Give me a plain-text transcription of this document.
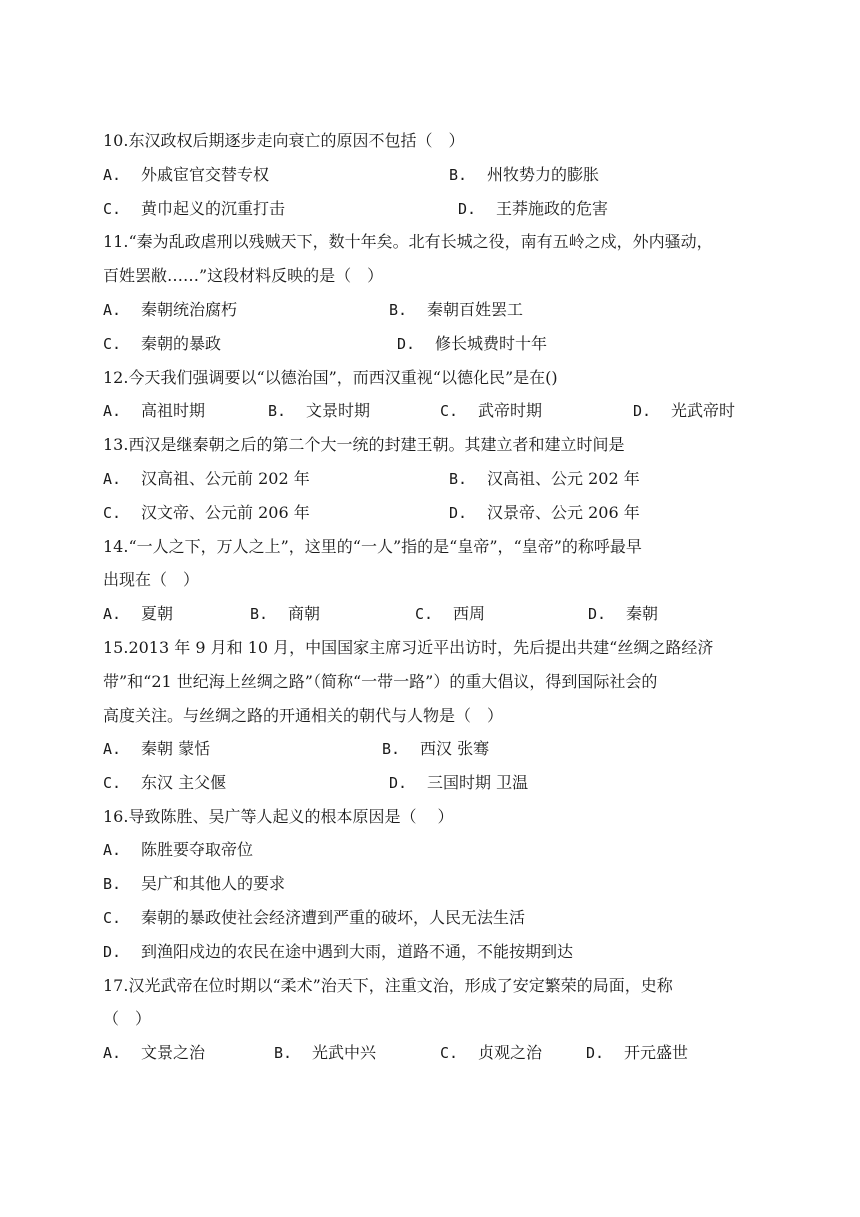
10.东汉政权后期逐步走向衰亡的原因不包括（　）
A. 外戚宦官交替专权	B. 州牧势力的膨胀
C. 黄巾起义的沉重打击	D. 王莽施政的危害
11.“秦为乱政虐刑以残贼天下，数十年矣。北有长城之役，南有五岭之戍，外内骚动，
百姓罢敝……”这段材料反映的是（　）
A. 秦朝统治腐朽	B. 秦朝百姓罢工
C. 秦朝的暴政	D. 修长城费时十年
12.今天我们强调要以“以德治国”，而西汉重视“以德化民”是在()
A. 高祖时期	B. 文景时期	C. 武帝时期	D. 光武帝时
13.西汉是继秦朝之后的第二个大一统的封建王朝。其建立者和建立时间是
A. 汉高祖、公元前 202 年	B. 汉高祖、公元 202 年
C. 汉文帝、公元前 206 年	D. 汉景帝、公元 206 年
14.“一人之下，万人之上”，这里的“一人”指的是“皇帝”，“皇帝”的称呼最早
出现在（　）
A. 夏朝	B. 商朝	C. 西周	D. 秦朝
15.2013 年 9 月和 10 月，中国国家主席习近平出访时，先后提出共建“丝绸之路经济
带”和“21 世纪海上丝绸之路”（简称“一带一路”）的重大倡议，得到国际社会的
高度关注。与丝绸之路的开通相关的朝代与人物是（　）
A. 秦朝 蒙恬	B. 西汉 张骞
C. 东汉 主父偃	D. 三国时期 卫温
16.导致陈胜、吴广等人起义的根本原因是（　 ）
A. 陈胜要夺取帝位
B. 吴广和其他人的要求
C. 秦朝的暴政使社会经济遭到严重的破坏，人民无法生活
D. 到渔阳戍边的农民在途中遇到大雨，道路不通，不能按期到达
17.汉光武帝在位时期以“柔术”治天下，注重文治，形成了安定繁荣的局面，史称
（　）
A. 文景之治	B. 光武中兴	C. 贞观之治	D. 开元盛世
